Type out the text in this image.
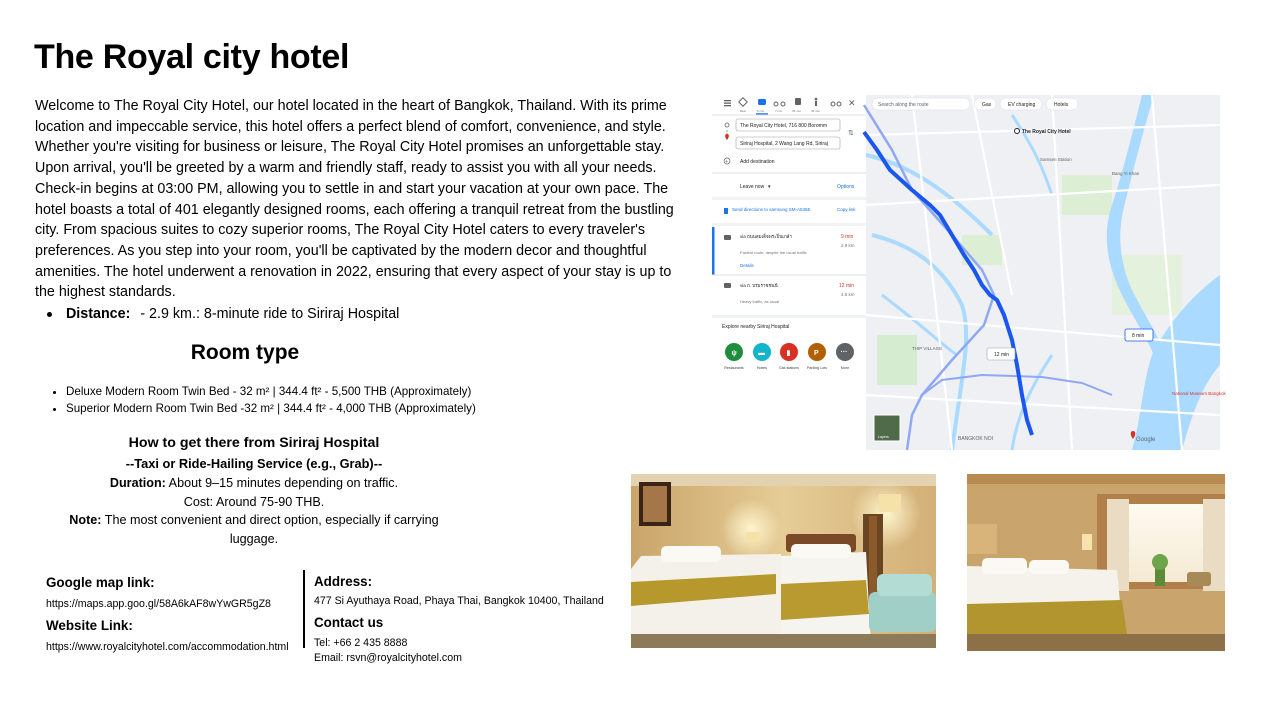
The Royal city hotel

Welcome to The Royal City Hotel, our hotel located in the heart of Bangkok, Thailand. With its prime location and impeccable service, this hotel offers a perfect blend of comfort, convenience, and style. Whether you're visiting for business or leisure, The Royal City Hotel promises an unforgettable stay. Upon arrival, you'll be greeted by a warm and friendly staff, ready to assist you with all your needs. Check-in begins at 03:00 PM, allowing you to settle in and start your vacation at your own pace. The hotel boasts a total of 401 elegantly designed rooms, each offering a tranquil retreat from the bustling city. From spacious suites to cozy superior rooms, The Royal City Hotel caters to every traveler's preferences. As you step into your room, you'll be captivated by the modern decor and thoughtful amenities. The hotel underwent a renovation in 2022, ensuring that every aspect of your stay is up to the highest standards.

Distance: - 2.9 km.: 8-minute ride to Siriraj Hospital
Room type
• Deluxe Modern Room Twin Bed - 32 m² | 344.4 ft² - 5,500 THB (Approximately)
• Superior Modern Room Twin Bed -32 m² | 344.4 ft² - 4,000 THB (Approximately)
How to get there from Siriraj Hospital
--Taxi or Ride-Hailing Service (e.g., Grab)--
Duration: About 9–15 minutes depending on traffic.
Cost: Around 75-90 THB.
Note: The most convenient and direct option, especially if carrying luggage.
Google map link:
https://maps.app.goo.gl/58A6kAF8wYwGR5gZ8
Website Link:
https://www.royalcityhotel.com/accommodation.html
Address:
477 Si Ayuthaya Road, Phaya Thai, Bangkok 10400, Thailand
Contact us
Tel: +66 2 435 8888
Email: rsvn@royalcityhotel.com
✕
Best	9 min	7 min	36 min	35 min
The Royal City Hotel, 716 800 Boromm
Siriraj Hospital, 2 Wang Lang Rd, Siriraj
⇅
+ Add destination
Leave now ▾	Options
Send directions to samsung SM-A536E	Copy link
via ถนนสมเด็จพระปิ่นเกล้า	9 min
2.9 km
Fastest route, despite the usual traffic
Details
via ถ. บรมราชชนนี	12 min
4.8 km
Heavy traffic, as usual
Explore nearby Siriraj Hospital
ψ	▬	▮	P	···
Restaurants	Hotels	Gas stations Parking Lots	More
Search along the route	Gas	EV charging	Hotels
The Royal City Hotel
Samsen Station
Bang Yi Khan
THIP VILLAGE
National Museum Bangkok
BANGKOK NOI
8 min
12 min
Layers	Google
